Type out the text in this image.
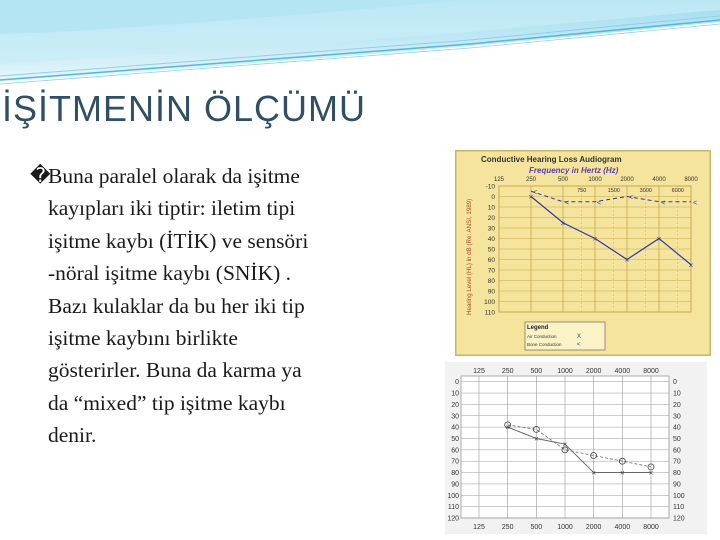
İŞİTMENİN ÖLÇÜMÜ
�
Buna paralel olarak da işitme
kayıpları iki tiptir: iletim tipi
işitme kaybı (İTİK) ve sensöri
-nöral işitme kaybı (SNİK) .
Bazı kulaklar da bu her iki tip
işitme kaybını birlikte
gösterirler. Buna da karma ya
da “mixed” tip işitme kaybı
denir.
Conductive Hearing Loss Audiogram
Frequency in Hertz (Hz)
Hearing Level (HL) in dB (Re: ANSI, 1989)
-10
0
10
20
30
40
50
60
70
80
90
100
110
125	250	500	1000	2000	4000	8000
750	1500	3000	6000
×
×
×
×
×
×
<
<	<
<
<	<
Legend
Air Conduction	X
Bone Conduction	<
125
125
250
250
500
500
1000
1000
2000
2000
4000
4000
8000
8000
0	0
10	10
20	20
30	30
40	40
50	50
60	60
70	70
80	80
90	90
100	100
110	110
120	120
×
×
×
×	×	×
